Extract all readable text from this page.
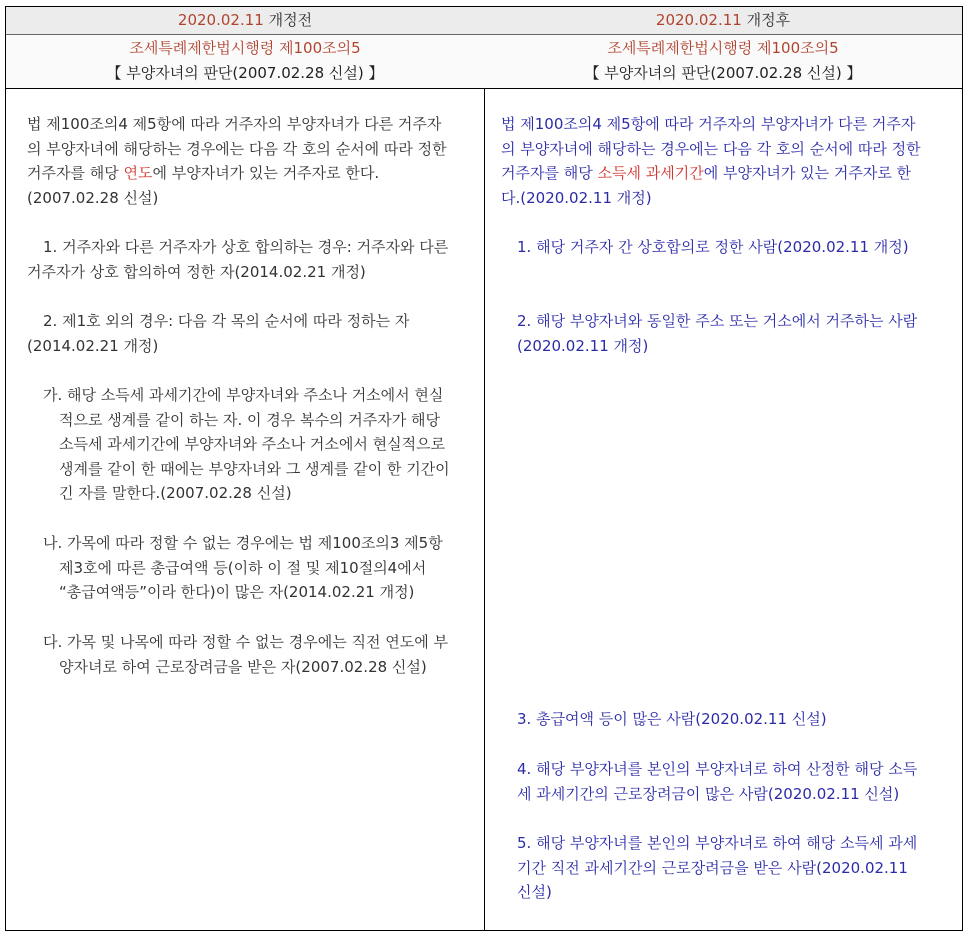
2020.02.11 개정전
조세특례제한법시행령 제100조의5
【 부양자녀의 판단(2007.02.28 신설) 】
법 제100조의4 제5항에 따라 거주자의 부양자녀가 다른 거주자
의 부양자녀에 해당하는 경우에는 다음 각 호의 순서에 따라 정한
거주자를 해당 연도에 부양자녀가 있는 거주자로 한다.
(2007.02.28 신설)
1. 거주자와 다른 거주자가 상호 합의하는 경우: 거주자와 다른
거주자가 상호 합의하여 정한 자(2014.02.21 개정)
2. 제1호 외의 경우: 다음 각 목의 순서에 따라 정하는 자
(2014.02.21 개정)
가. 해당 소득세 과세기간에 부양자녀와 주소나 거소에서 현실
적으로 생계를 같이 하는 자. 이 경우 복수의 거주자가 해당
소득세 과세기간에 부양자녀와 주소나 거소에서 현실적으로
생계를 같이 한 때에는 부양자녀와 그 생계를 같이 한 기간이
긴 자를 말한다.(2007.02.28 신설)
나. 가목에 따라 정할 수 없는 경우에는 법 제100조의3 제5항
제3호에 따른 총급여액 등(이하 이 절 및 제10절의4에서
“총급여액등”이라 한다)이 많은 자(2014.02.21 개정)
다. 가목 및 나목에 따라 정할 수 없는 경우에는 직전 연도에 부
양자녀로 하여 근로장려금을 받은 자(2007.02.28 신설)
2020.02.11 개정후
조세특례제한법시행령 제100조의5
【 부양자녀의 판단(2007.02.28 신설) 】
법 제100조의4 제5항에 따라 거주자의 부양자녀가 다른 거주자
의 부양자녀에 해당하는 경우에는 다음 각 호의 순서에 따라 정한
거주자를 해당 소득세 과세기간에 부양자녀가 있는 거주자로 한
다.(2020.02.11 개정)
1. 해당 거주자 간 상호합의로 정한 사람(2020.02.11 개정)
2. 해당 부양자녀와 동일한 주소 또는 거소에서 거주하는 사람
(2020.02.11 개정)
3. 총급여액 등이 많은 사람(2020.02.11 신설)
4. 해당 부양자녀를 본인의 부양자녀로 하여 산정한 해당 소득
세 과세기간의 근로장려금이 많은 사람(2020.02.11 신설)
5. 해당 부양자녀를 본인의 부양자녀로 하여 해당 소득세 과세
기간 직전 과세기간의 근로장려금을 받은 사람(2020.02.11
신설)
